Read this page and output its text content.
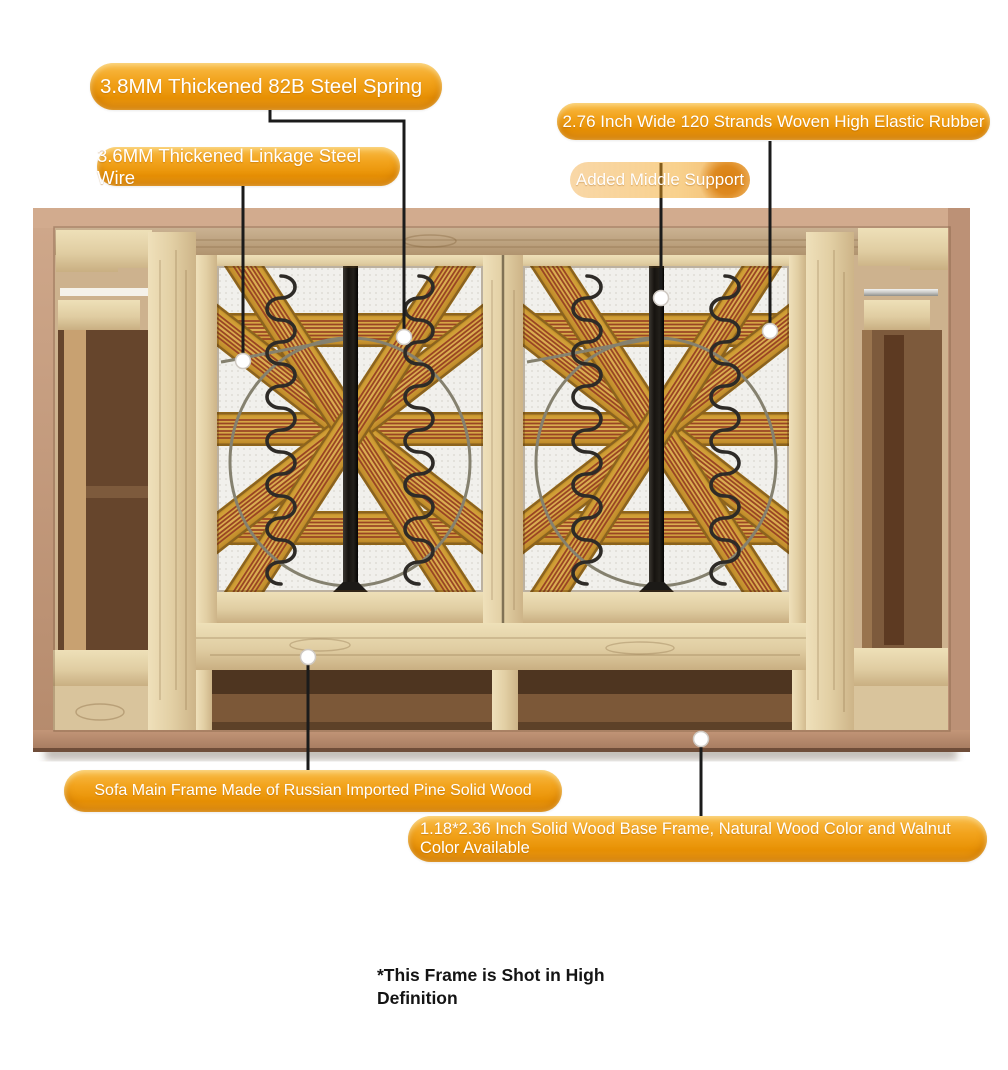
3.8MM Thickened 82B Steel Spring
3.6MM Thickened Linkage Steel Wire
2.76 Inch Wide 120 Strands Woven High Elastic Rubber
Added Middle Support
Sofa Main Frame Made of Russian Imported Pine Solid Wood
1.18*2.36 Inch Solid Wood Base Frame, Natural Wood Color and Walnut Color Available
*This Frame is Shot in High Definition
